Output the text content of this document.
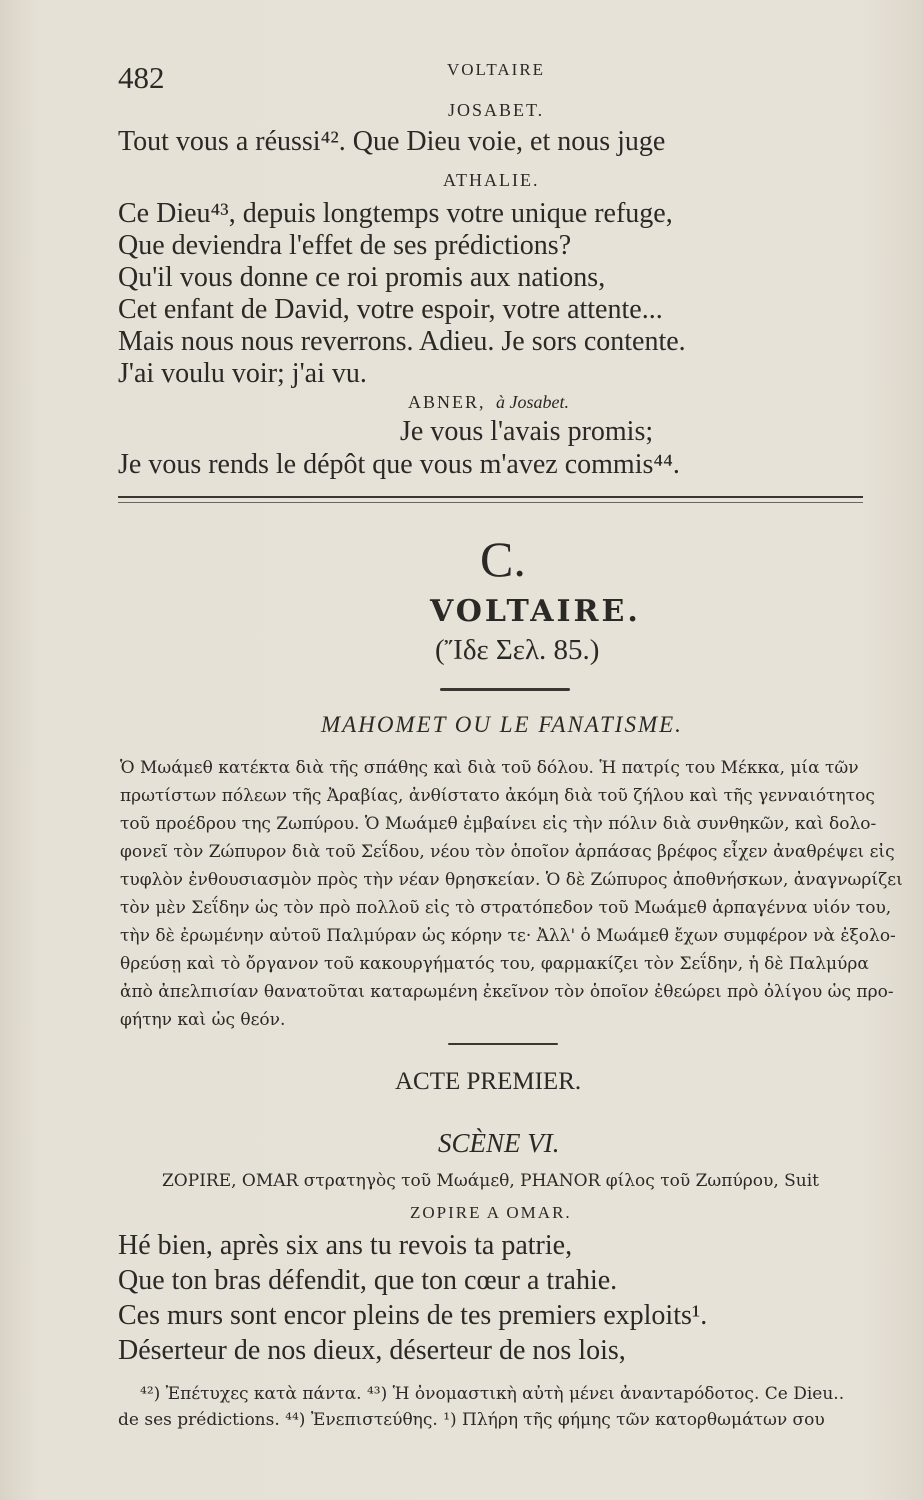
482	VOLTAIRE
JOSABET.
Tout vous a réussi⁴². Que Dieu voie, et nous juge
ATHALIE.
Ce Dieu⁴³, depuis longtemps votre unique refuge,
Que deviendra l'effet de ses prédictions?
Qu'il vous donne ce roi promis aux nations,
Cet enfant de David, votre espoir, votre attente...
Mais nous nous reverrons. Adieu. Je sors contente.
J'ai voulu voir; j'ai vu.
ABNER, à Josabet.
Je vous l'avais promis;
Je vous rends le dépôt que vous m'avez commis⁴⁴.
C.
VOLTAIRE.
(Ἴδε Σελ. 85.)
MAHOMET OU LE FANATISME.
Ὁ Μωάμεθ κατέκτα διὰ τῆς σπάθης καὶ διὰ τοῦ δόλου. Ἡ πατρίς του Μέκκα, μία τῶν
πρωτίστων πόλεων τῆς Ἀραβίας, ἀνθίστατο ἀκόμη διὰ τοῦ ζήλου καὶ τῆς γενναιότητος
τοῦ προέδρου της Ζωπύρου. Ὁ Μωάμεθ ἐμβαίνει εἰς τὴν πόλιν διὰ συνθηκῶν, καὶ δολο-
φονεῖ τὸν Ζώπυρον διὰ τοῦ Σεΐδου, νέου τὸν ὁποῖον ἁρπάσας βρέφος εἶχεν ἀναθρέψει εἰς
τυφλὸν ἐνθουσιασμὸν πρὸς τὴν νέαν θρησκείαν. Ὁ δὲ Ζώπυρος ἀποθνήσκων, ἀναγνωρίζει
τὸν μὲν Σεΐδην ὡς τὸν πρὸ πολλοῦ εἰς τὸ στρατόπεδον τοῦ Μωάμεθ ἁρπαγέννα υἱόν του,
τὴν δὲ ἐρωμένην αὐτοῦ Παλμύραν ὡς κόρην τε· Ἀλλ' ὁ Μωάμεθ ἔχων συμφέρον νὰ ἐξολο-
θρεύσῃ καὶ τὸ ὄργανον τοῦ κακουργήματός του, φαρμακίζει τὸν Σεΐδην, ἡ δὲ Παλμύρα
ἀπὸ ἀπελπισίαν θανατοῦται καταρωμένη ἐκεῖνον τὸν ὁποῖον ἐθεώρει πρὸ ὀλίγου ὡς προ-
φήτην καὶ ὡς θεόν.
ACTE PREMIER.
SCÈNE VI.
ZOPIRE, OMAR στρατηγὸς τοῦ Μωάμεθ, PHANOR φίλος τοῦ Ζωπύρου, Suit
ZOPIRE A OMAR.
Hé bien, après six ans tu revois ta patrie,
Que ton bras défendit, que ton cœur a trahie.
Ces murs sont encor pleins de tes premiers exploits¹.
Déserteur de nos dieux, déserteur de nos lois,
⁴²) Ἐπέτυχες κατὰ πάντα. ⁴³) Ἡ ὀνομαστικὴ αὐτὴ μένει ἀναντapόδοτος. Ce Dieu..
de ses prédictions. ⁴⁴) Ἐνεπιστεύθης. ¹) Πλήρη τῆς φήμης τῶν κατορθωμάτων σου
